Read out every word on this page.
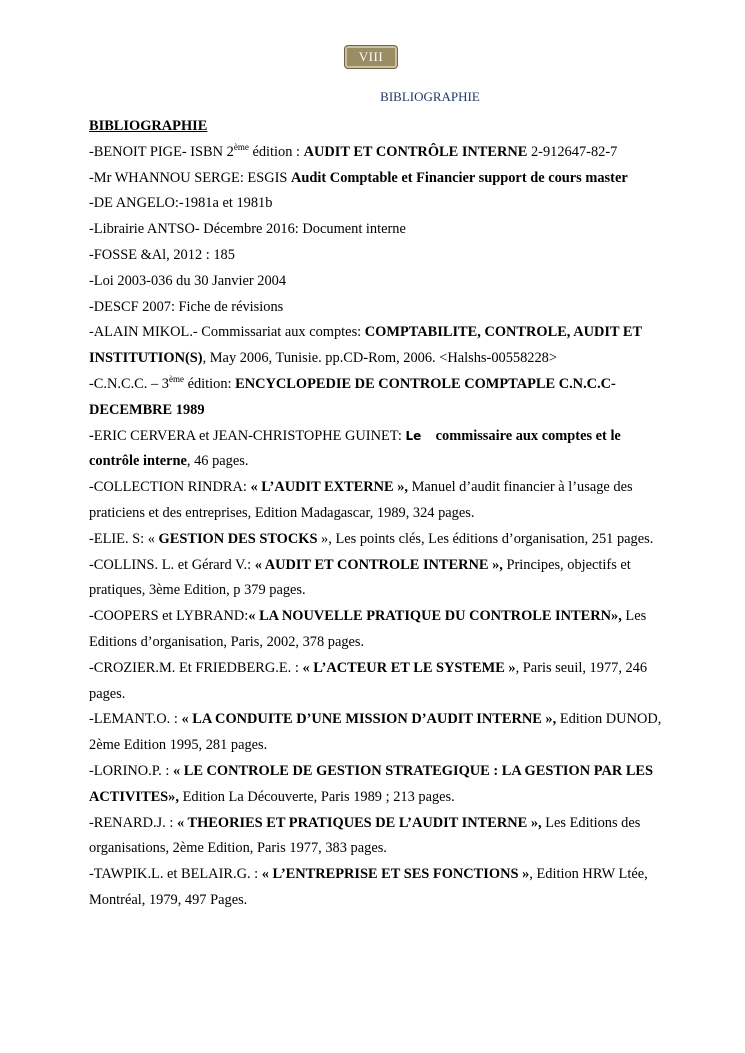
VIII
BIBLIOGRAPHIE

BIBLIOGRAPHIE

-BENOIT PIGE- ISBN 2ème édition : AUDIT ET CONTRÔLE INTERNE 2-912647-82-7

-Mr WHANNOU SERGE: ESGIS Audit Comptable et Financier support de cours master

-DE ANGELO:-1981a et 1981b

-Librairie ANTSO- Décembre 2016: Document interne

-FOSSE &Al, 2012 : 185

-Loi 2003-036 du 30 Janvier 2004

-DESCF 2007: Fiche de révisions

-ALAIN MIKOL.- Commissariat aux comptes: COMPTABILITE, CONTROLE, AUDIT ET INSTITUTION(S), May 2006, Tunisie. pp.CD-Rom, 2006. <Halshs-00558228>

-C.N.C.C. – 3ème édition: ENCYCLOPEDIE DE CONTROLE COMPTAPLE C.N.C.C-DECEMBRE 1989

-ERIC CERVERA et JEAN-CHRISTOPHE GUINET: Le commissaire aux comptes et le contrôle interne, 46 pages.

-COLLECTION RINDRA: « L’AUDIT EXTERNE », Manuel d’audit financier à l’usage des praticiens et des entreprises, Edition Madagascar, 1989, 324 pages.

-ELIE. S: « GESTION DES STOCKS », Les points clés, Les éditions d’organisation, 251 pages.

-COLLINS. L. et Gérard V.: « AUDIT ET CONTROLE INTERNE », Principes, objectifs et pratiques, 3ème Edition, p 379 pages.

-COOPERS et LYBRAND:« LA NOUVELLE PRATIQUE DU CONTROLE INTERN», Les Editions d’organisation, Paris, 2002, 378 pages.

-CROZIER.M. Et FRIEDBERG.E. : « L’ACTEUR ET LE SYSTEME », Paris seuil, 1977, 246 pages.

-LEMANT.O. : « LA CONDUITE D’UNE MISSION D’AUDIT INTERNE », Edition DUNOD, 2ème Edition 1995, 281 pages.

-LORINO.P. : « LE CONTROLE DE GESTION STRATEGIQUE : LA GESTION PAR LES ACTIVITES», Edition La Découverte, Paris 1989 ; 213 pages.

-RENARD.J. : « THEORIES ET PRATIQUES DE L’AUDIT INTERNE », Les Editions des organisations, 2ème Edition, Paris 1977, 383 pages.

-TAWPIK.L. et BELAIR.G. : « L’ENTREPRISE ET SES FONCTIONS », Edition HRW Ltée, Montréal, 1979, 497 Pages.
